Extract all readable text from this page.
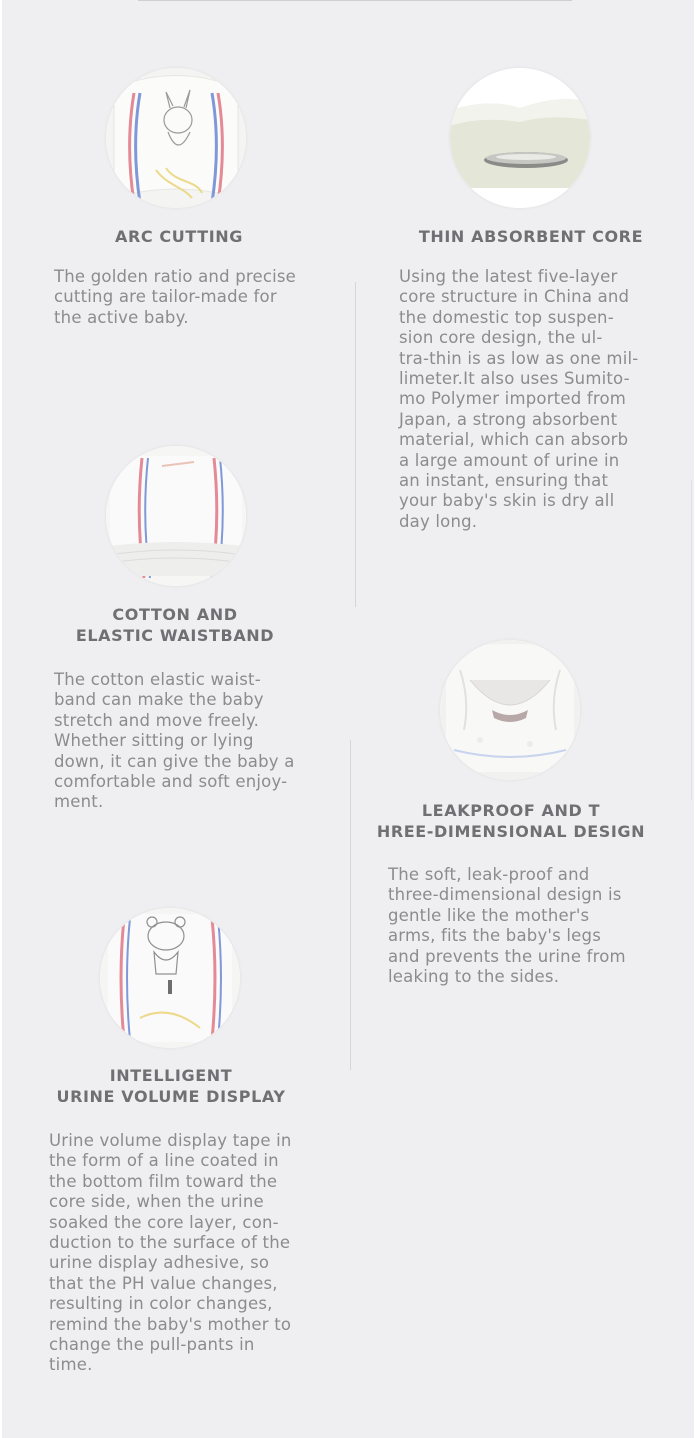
ARC CUTTING

The golden ratio and precise
cutting are tailor-made for
the active baby.

THIN ABSORBENT CORE

Using the latest five-layer
core structure in China and
the domestic top suspen-
sion core design, the ul-
tra-thin is as low as one mil-
limeter.It also uses Sumito-
mo Polymer imported from
Japan, a strong absorbent
material, which can absorb
a large amount of urine in
an instant, ensuring that
your baby's skin is dry all
day long.

COTTON AND
ELASTIC WAISTBAND

The cotton elastic waist-
band can make the baby
stretch and move freely.
Whether sitting or lying
down, it can give the baby a
comfortable and soft enjoy-
ment.	LEAKPROOF AND T
HREE-DIMENSIONAL DESIGN

The soft, leak-proof and
three-dimensional design is
gentle like the mother's
arms, fits the baby's legs
and prevents the urine from
leaking to the sides.

INTELLIGENT
URINE VOLUME DISPLAY

Urine volume display tape in
the form of a line coated in
the bottom film toward the
core side, when the urine
soaked the core layer, con-
duction to the surface of the
urine display adhesive, so
that the PH value changes,
resulting in color changes,
remind the baby's mother to
change the pull-pants in
time.
